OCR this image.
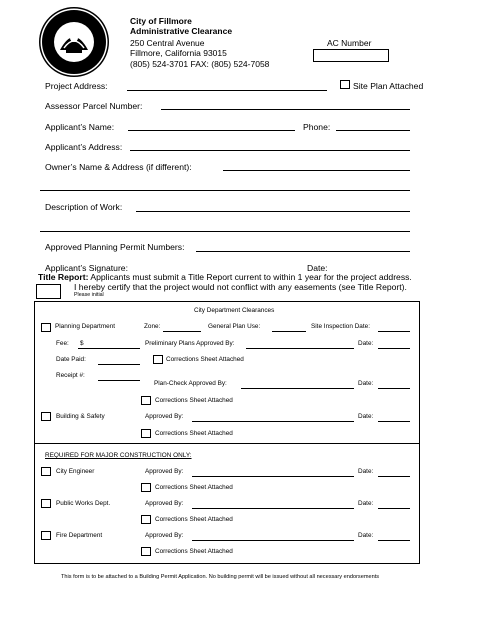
City of Fillmore
Administrative Clearance
250 Central Avenue
Fillmore, California 93015
(805) 524-3701 FAX: (805) 524-7058
AC Number
Project Address:	Site Plan Attached
Assessor Parcel Number:
Applicant’s Name:	Phone:
Applicant’s Address:
Owner’s Name & Address (if different):
Description of Work:
Approved Planning Permit Numbers:
Applicant’s Signature:	Date:
Title Report: Applicants must submit a Title Report current to within 1 year for the project address.
I hereby certify that the project would not conflict with any easements (see Title Report).
Please initial
City Department Clearances
Planning Department	Zone:	General Plan Use:	Site Inspection Date:
Fee: $	Preliminary Plans Approved By:	Date:
Date Paid:	Corrections Sheet Attached
Receipt #:
Plan-Check Approved By:	Date:
Corrections Sheet Attached
Building & Safety	Approved By:	Date:
Corrections Sheet Attached
REQUIRED FOR MAJOR CONSTRUCTION ONLY:
City Engineer	Approved By:	Date:
Corrections Sheet Attached
Public Works Dept.	Approved By:	Date:
Corrections Sheet Attached
Fire Department	Approved By:	Date:
Corrections Sheet Attached
This form is to be attached to a Building Permit Application. No building permit will be issued without all necessary endorsements
